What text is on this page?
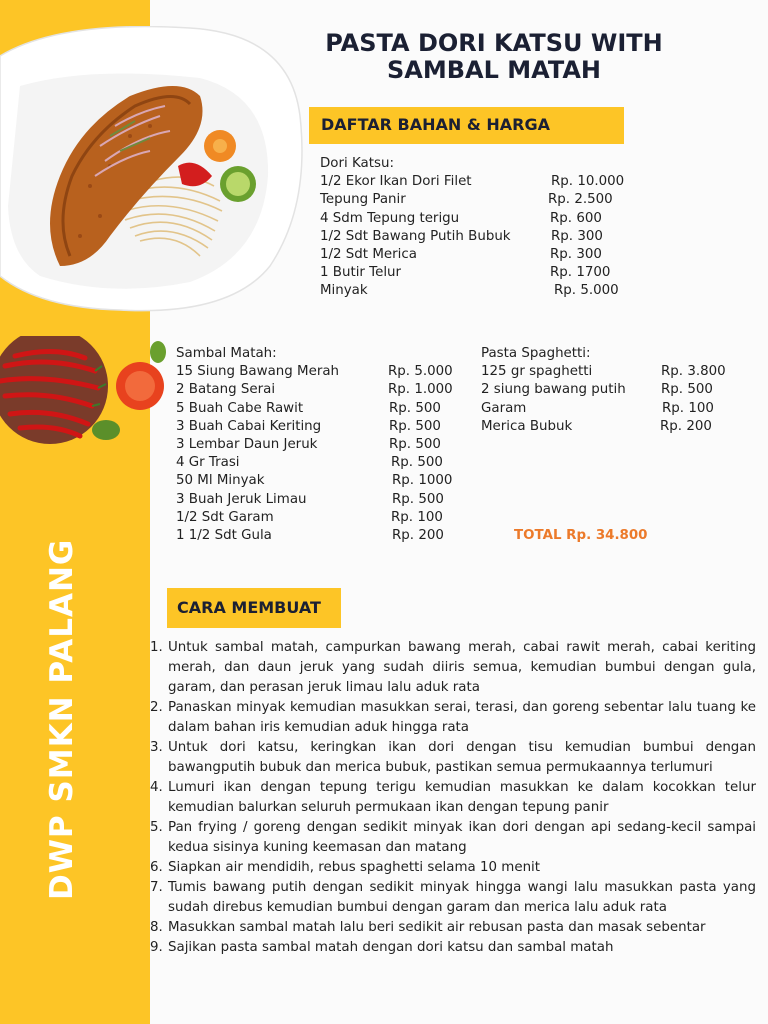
DWP SMKN PALANG
PASTA DORI KATSU WITH
SAMBAL MATAH
DAFTAR BAHAN & HARGA
Dori Katsu:
1/2 Ekor Ikan Dori Filet	Rp. 10.000
Tepung Panir	Rp. 2.500
4 Sdm Tepung terigu	Rp. 600
1/2 Sdt Bawang Putih Bubuk	Rp. 300
1/2 Sdt Merica	Rp. 300
1 Butir Telur	Rp. 1700
Minyak	Rp. 5.000
Sambal Matah:
15 Siung Bawang Merah	Rp. 5.000
2 Batang Serai	Rp. 1.000
5 Buah Cabe Rawit	Rp. 500
3 Buah Cabai Keriting	Rp. 500
3 Lembar Daun Jeruk	Rp. 500
4 Gr Trasi	Rp. 500
50 Ml Minyak	Rp. 1000
3 Buah Jeruk Limau	Rp. 500
1/2 Sdt Garam	Rp. 100
1 1/2 Sdt Gula	Rp. 200
Pasta Spaghetti:
125 gr spaghetti	Rp. 3.800
2 siung bawang putih	Rp. 500
Garam	Rp. 100
Merica Bubuk	Rp. 200
TOTAL Rp. 34.800
CARA MEMBUAT
1. Untuk sambal matah, campurkan bawang merah, cabai rawit merah, cabai keriting merah, dan daun jeruk yang sudah diiris semua, kemudian bumbui dengan gula, garam, dan perasan jeruk limau lalu aduk rata
2. Panaskan minyak kemudian masukkan serai, terasi, dan goreng sebentar lalu tuang ke dalam bahan iris kemudian aduk hingga rata
3. Untuk dori katsu, keringkan ikan dori dengan tisu kemudian bumbui dengan bawangputih bubuk dan merica bubuk, pastikan semua permukaannya terlumuri
4. Lumuri ikan dengan tepung terigu kemudian masukkan ke dalam kocokkan telur kemudian balurkan seluruh permukaan ikan dengan tepung panir
5. Pan frying / goreng dengan sedikit minyak ikan dori dengan api sedang-kecil sampai kedua sisinya kuning keemasan dan matang
6. Siapkan air mendidih, rebus spaghetti selama 10 menit
7. Tumis bawang putih dengan sedikit minyak hingga wangi lalu masukkan pasta yang sudah direbus kemudian bumbui dengan garam dan merica lalu aduk rata
8. Masukkan sambal matah lalu beri sedikit air rebusan pasta dan masak sebentar
9. Sajikan pasta sambal matah dengan dori katsu dan sambal matah
